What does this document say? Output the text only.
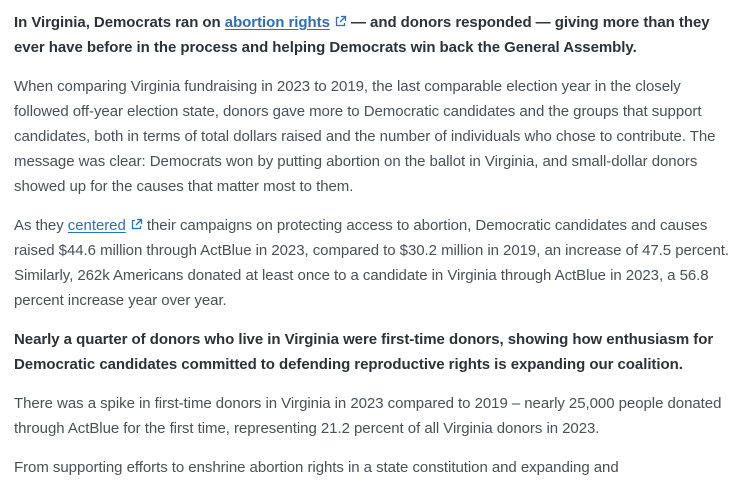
In Virginia, Democrats ran on abortion rights
— and donors responded — giving more than they ever have before in the process and helping Democrats win back the General Assembly.

When comparing Virginia fundraising in 2023 to 2019, the last comparable election year in the closely followed off-year election state, donors gave more to Democratic candidates and the groups that support candidates, both in terms of total dollars raised and the number of individuals who chose to contribute. The message was clear: Democrats won by putting abortion on the ballot in Virginia, and small-dollar donors showed up for the causes that matter most to them.

As they centered
their campaigns on protecting access to abortion, Democratic candidates and causes raised $44.6 million through ActBlue in 2023, compared to $30.2 million in 2019, an increase of 47.5 percent. Similarly, 262k Americans donated at least once to a candidate in Virginia through ActBlue in 2023, a 56.8 percent increase year over year.

Nearly a quarter of donors who live in Virginia were first-time donors, showing how enthusiasm for Democratic candidates committed to defending reproductive rights is expanding our coalition.

There was a spike in first-time donors in Virginia in 2023 compared to 2019 – nearly 25,000 people donated through ActBlue for the first time, representing 21.2 percent of all Virginia donors in 2023.

From supporting efforts to enshrine abortion rights in a state constitution and expanding and
